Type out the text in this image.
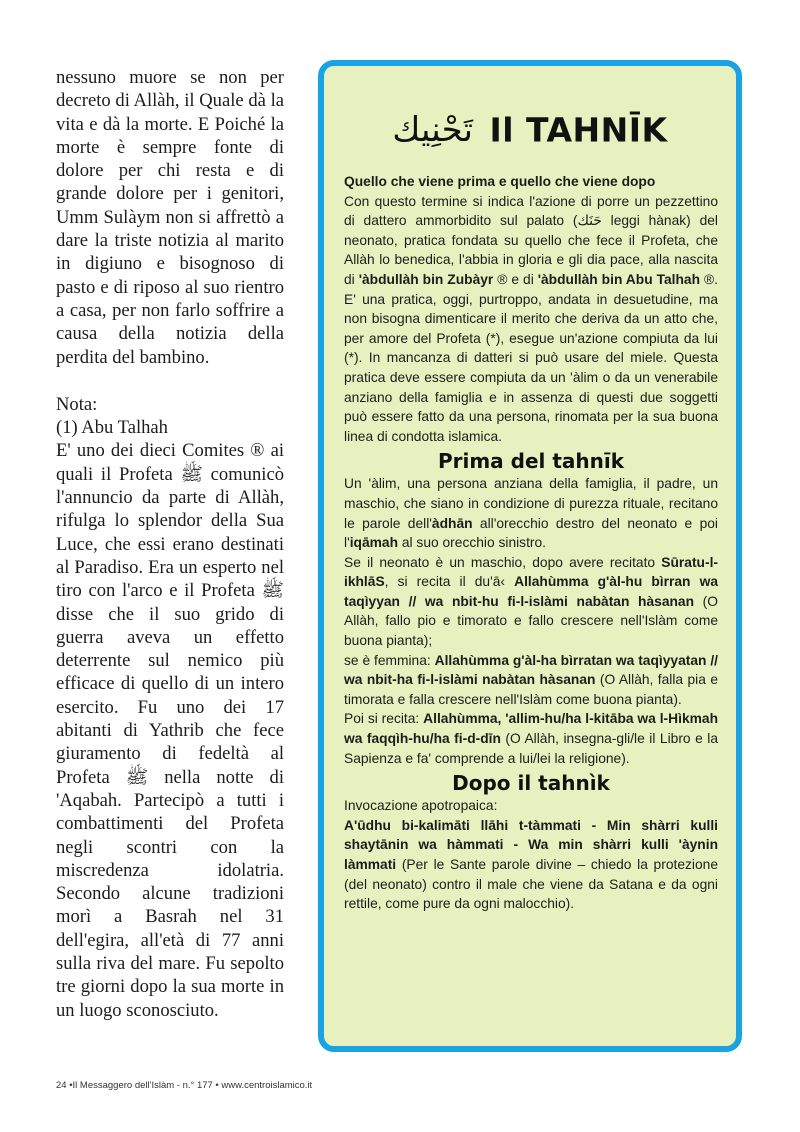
nessuno muore se non per decreto di Allàh, il Quale dà la vita e dà la morte. E Poiché la morte è sempre fonte di dolore per chi resta e di grande dolore per i genitori, Umm Sulàym non si affrettò a dare la triste notizia al marito in digiuno e bisognoso di pasto e di riposo al suo rientro a casa, per non farlo soffrire a causa della notizia della perdita del bambino.

Nota:

(1) Abu Talhah

E' uno dei dieci Comites ® ai quali il Profeta ﷺ comunicò l'annuncio da parte di Allàh, rifulga lo splendor della Sua Luce, che essi erano destinati al Paradiso. Era un esperto nel tiro con l'arco e il Profeta ﷺ disse che il suo grido di guerra aveva un effetto deterrente sul nemico più efficace di quello di un intero esercito. Fu uno dei 17 abitanti di Yathrib che fece giuramento di fedeltà al Profeta ﷺ nella notte di 'Aqabah. Partecipò a tutti i combattimenti del Profeta negli scontri con la miscredenza idolatria. Secondo alcune tradizioni morì a Basrah nel 31 dell'egira, all'età di 77 anni sulla riva del mare. Fu sepolto tre giorni dopo la sua morte in un luogo sconosciuto.

تَحْنِيك Il TAHNĪK

Quello che viene prima e quello che viene dopo

Con questo termine si indica l'azione di porre un pezzettino di dattero ammorbidito sul palato (ﺣَﻨَﻚ leggi hànak) del neonato, pratica fondata su quello che fece il Profeta, che Allàh lo benedica, l'abbia in gloria e gli dia pace, alla nascita di 'àbdullàh bin Zubàyr ® e di 'àbdullàh bin Abu Talhah ®. E' una pratica, oggi, purtroppo, andata in desuetudine, ma non bisogna dimenticare il merito che deriva da un atto che, per amore del Profeta (*), esegue un'azione compiuta da lui (*). In mancanza di datteri si può usare del miele. Questa pratica deve essere compiuta da un 'àlim o da un venerabile anziano della famiglia e in assenza di questi due soggetti può essere fatto da una persona, rinomata per la sua buona linea di condotta islamica.

Prima del tahnīk

Un 'àlim, una persona anziana della famiglia, il padre, un maschio, che siano in condizione di purezza rituale, recitano le parole dell'àdhān all'orecchio destro del neonato e poi l'iqāmah al suo orecchio sinistro.

Se il neonato è un maschio, dopo avere recitato Sūratu-l-ikhlāS, si recita il du'ā‹ Allahùmma g'àl-hu bìrran wa taqìyyan // wa nbit-hu fi-l-islàmi nabàtan hàsanan (O Allàh, fallo pio e timorato e fallo crescere nell'Islàm come buona pianta);

se è femmina: Allahùmma g'àl-ha bìrratan wa taqìyyatan // wa nbit-ha fi-l-islàmi nabàtan hàsanan (O Allàh, falla pia e timorata e falla crescere nell'Islàm come buona pianta).

Poi si recita: Allahùmma, 'allim-hu/ha l-kitāba wa l-Hìkmah wa faqqìh-hu/ha fi-d-dīn (O Allàh, insegna-gli/le il Libro e la Sapienza e fa' comprende a lui/lei la religione).

Dopo il tahnìk

Invocazione apotropaica:

A'ūdhu bi-kalimāti llāhi t-tàmmati - Min shàrri kulli shaytānin wa hàmmati - Wa min shàrri kulli 'àynin làmmati (Per le Sante parole divine – chiedo la protezione (del neonato) contro il male che viene da Satana e da ogni rettile, come pure da ogni malocchio).

24 •Il Messaggero dell'Islàm - n.° 177 • www.centroislamico.it
